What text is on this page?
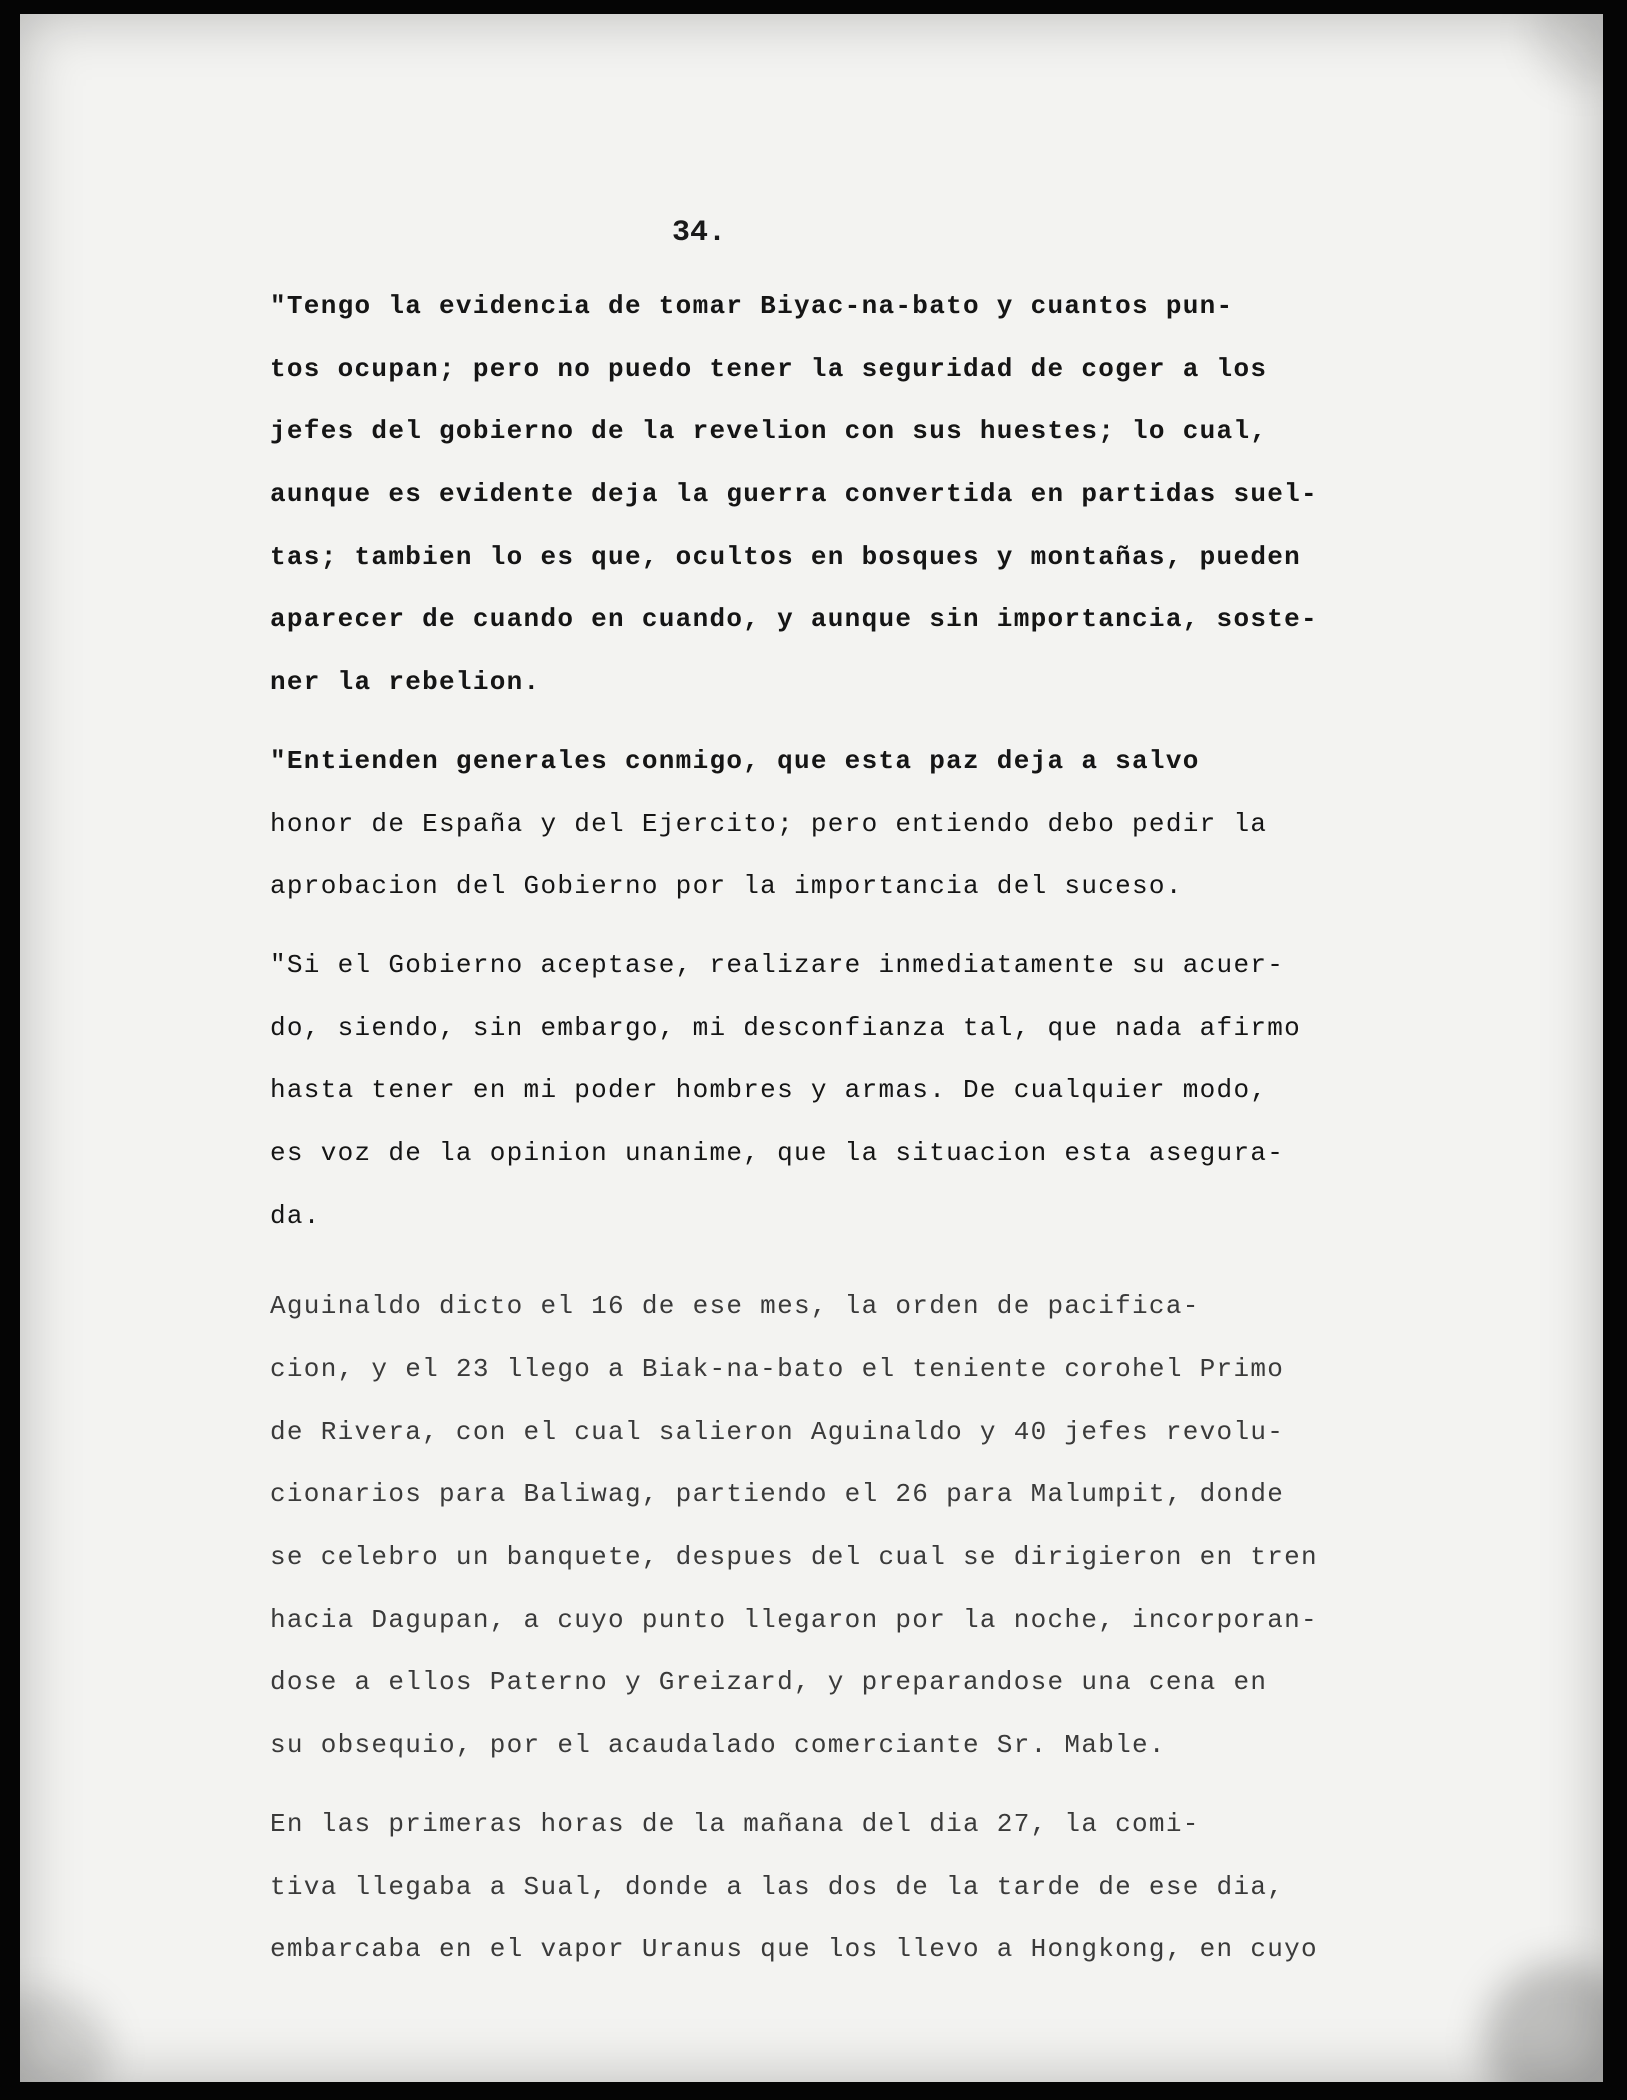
34.

"Tengo la evidencia de tomar Biyac-na-bato y cuantos pun-
tos ocupan; pero no puedo tener la seguridad de coger a los
jefes del gobierno de la revelion con sus huestes; lo cual,
aunque es evidente deja la guerra convertida en partidas suel-
tas; tambien lo es que, ocultos en bosques y montañas, pueden
aparecer de cuando en cuando, y aunque sin importancia, soste-
ner la rebelion.
"Entienden generales conmigo, que esta paz deja a salvo
honor de España y del Ejercito; pero entiendo debo pedir la
aprobacion del Gobierno por la importancia del suceso.
"Si el Gobierno aceptase, realizare inmediatamente su acuer-
do, siendo, sin embargo, mi desconfianza tal, que nada afirmo
hasta tener en mi poder hombres y armas. De cualquier modo,
es voz de la opinion unanime, que la situacion esta asegura-
da.
Aguinaldo dicto el 16 de ese mes, la orden de pacifica-
cion, y el 23 llego a Biak-na-bato el teniente corohel Primo
de Rivera, con el cual salieron Aguinaldo y 40 jefes revolu-
cionarios para Baliwag, partiendo el 26 para Malumpit, donde
se celebro un banquete, despues del cual se dirigieron en tren
hacia Dagupan, a cuyo punto llegaron por la noche, incorporan-
dose a ellos Paterno y Greizard, y preparandose una cena en
su obsequio, por el acaudalado comerciante Sr. Mable.
En las primeras horas de la mañana del dia 27, la comi-
tiva llegaba a Sual, donde a las dos de la tarde de ese dia,
embarcaba en el vapor Uranus que los llevo a Hongkong, en cuyo
